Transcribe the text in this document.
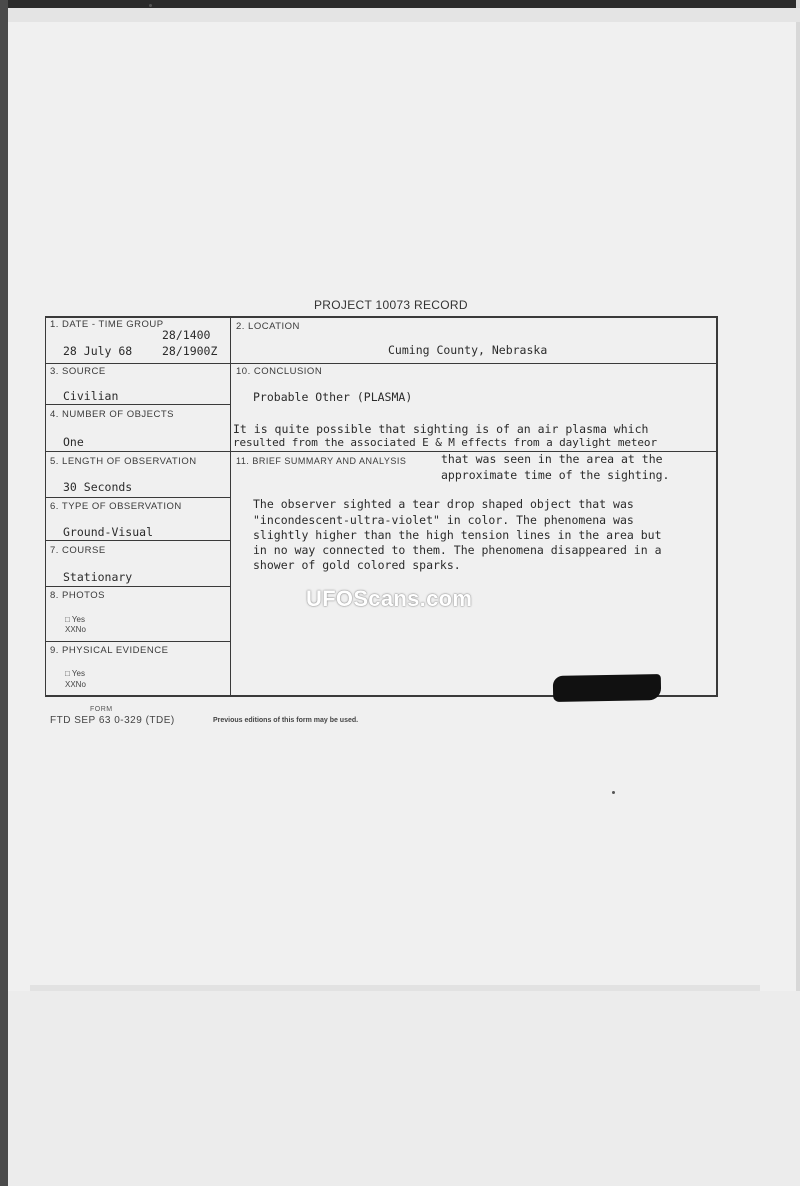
PROJECT 10073 RECORD
1. DATE - TIME GROUP
28/1400
28 July 68	28/1900Z
2. LOCATION
Cuming County, Nebraska
3. SOURCE
Civilian
4. NUMBER OF OBJECTS
One
5. LENGTH OF OBSERVATION
30 Seconds
6. TYPE OF OBSERVATION
Ground-Visual
7. COURSE
Stationary
8. PHOTOS
□ Yes
XXNo
9. PHYSICAL EVIDENCE
□ Yes
XXNo
10. CONCLUSION
Probable Other (PLASMA)
It is quite possible that sighting is of an air plasma which
resulted from the associated E & M effects from a daylight meteor
that was seen in the area at the
approximate time of the sighting.
11. BRIEF SUMMARY AND ANALYSIS
The observer sighted a tear drop shaped object that was
"incondescent-ultra-violet" in color. The phenomena was
slightly higher than the high tension lines in the area but
in no way connected to them. The phenomena disappeared in a
shower of gold colored sparks.
UFOScans.com
FORM
FTD SEP 63 0-329 (TDE)	Previous editions of this form may be used.
